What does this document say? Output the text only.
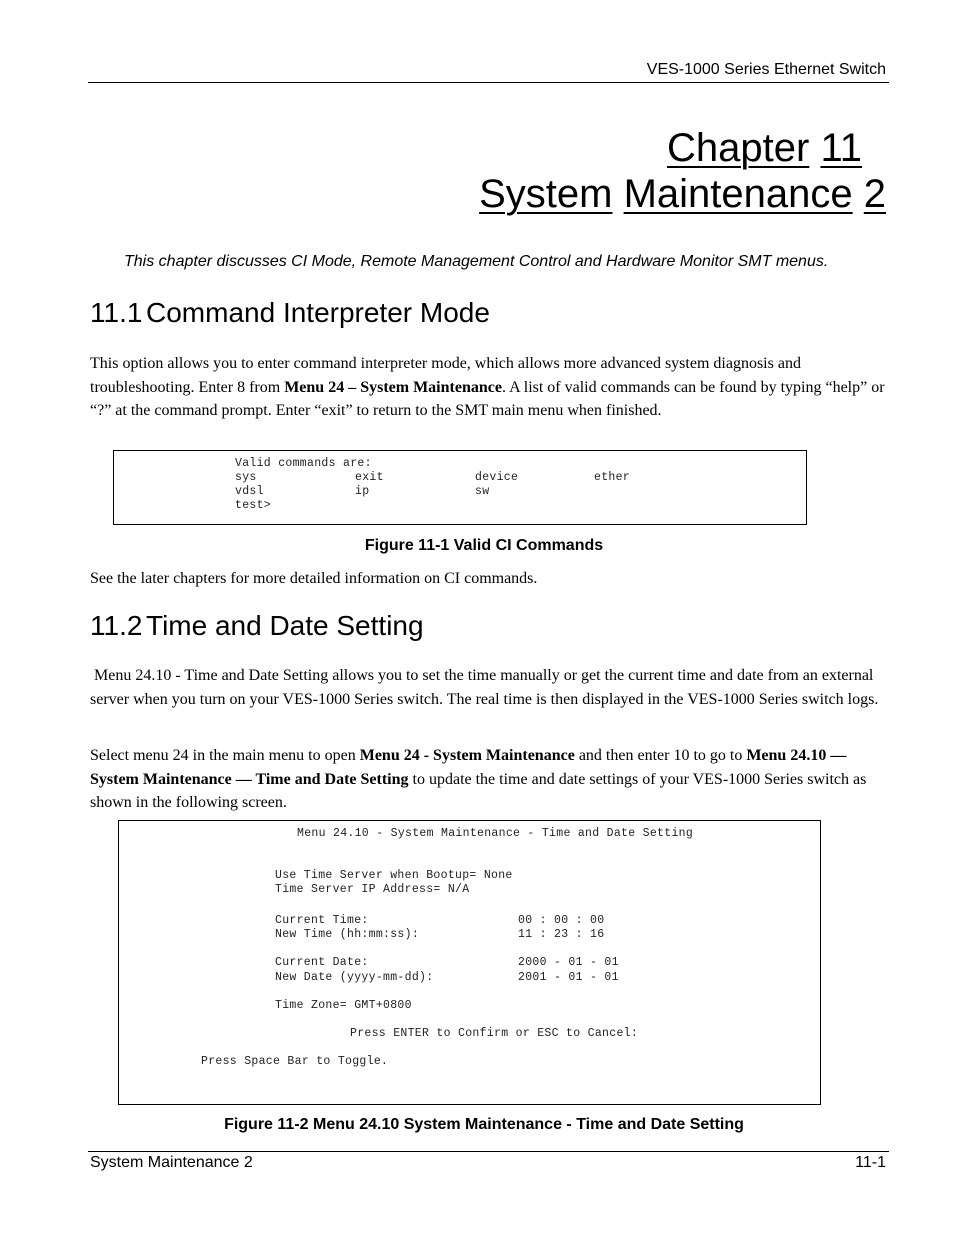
VES-1000 Series Ethernet Switch
Chapter 11
System Maintenance 2
This chapter discusses CI Mode, Remote Management Control and Hardware Monitor SMT menus.
11.1 Command Interpreter Mode
This option allows you to enter command interpreter mode, which allows more advanced system diagnosis and troubleshooting. Enter 8 from Menu 24 – System Maintenance. A list of valid commands can be found by typing “help” or “?” at the command prompt. Enter “exit” to return to the SMT main menu when finished.
Valid commands are:
sys	exit	device	ether
vdsl	ip	sw
test>
Figure 11-1 Valid CI Commands
See the later chapters for more detailed information on CI commands.
11.2 Time and Date Setting
Menu 24.10 - Time and Date Setting allows you to set the time manually or get the current time and date from an external server when you turn on your VES-1000 Series switch. The real time is then displayed in the VES-1000 Series switch logs.
Select menu 24 in the main menu to open Menu 24 - System Maintenance and then enter 10 to go to Menu 24.10 — System Maintenance — Time and Date Setting to update the time and date settings of your VES-1000 Series switch as shown in the following screen.
Menu 24.10 - System Maintenance - Time and Date Setting
Use Time Server when Bootup= None
Time Server IP Address= N/A
Current Time:	00 : 00 : 00
New Time (hh:mm:ss):	11 : 23 : 16
Current Date:	2000 - 01 - 01
New Date (yyyy-mm-dd):	2001 - 01 - 01
Time Zone= GMT+0800
Press ENTER to Confirm or ESC to Cancel:
Press Space Bar to Toggle.
Figure 11-2 Menu 24.10 System Maintenance - Time and Date Setting
System Maintenance 2	11-1
